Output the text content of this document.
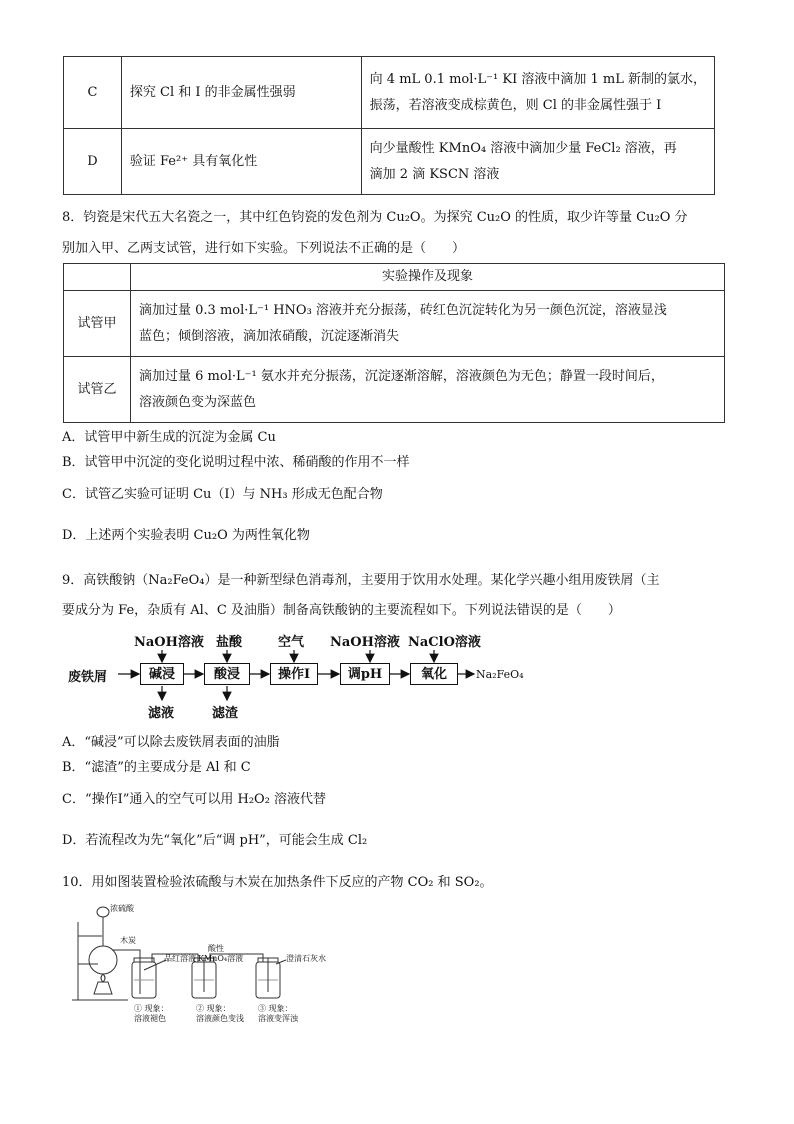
C	探究 Cl 和 I 的非金属性强弱	向 4 mL 0.1 mol·L⁻¹ KI 溶液中滴加 1 mL 新制的氯水，
振荡，若溶液变成棕黄色，则 Cl 的非金属性强于 I

D	验证 Fe²⁺ 具有氧化性	向少量酸性 KMnO₄ 溶液中滴加少量 FeCl₂ 溶液，再
滴加 2 滴 KSCN 溶液
8．钧瓷是宋代五大名瓷之一，其中红色钧瓷的发色剂为 Cu₂O。为探究 Cu₂O 的性质，取少许等量 Cu₂O 分
别加入甲、乙两支试管，进行如下实验。下列说法不正确的是（　　）
	实验操作及现象
试管甲	滴加过量 0.3 mol·L⁻¹ HNO₃ 溶液并充分振荡，砖红色沉淀转化为另一颜色沉淀，溶液显浅
蓝色；倾倒溶液，滴加浓硝酸，沉淀逐渐消失

试管乙	滴加过量 6 mol·L⁻¹ 氨水并充分振荡，沉淀逐渐溶解，溶液颜色为无色；静置一段时间后，
溶液颜色变为深蓝色
A．试管甲中新生成的沉淀为金属 Cu
B．试管甲中沉淀的变化说明过程中浓、稀硝酸的作用不一样
C．试管乙实验可证明 Cu（Ⅰ）与 NH₃ 形成无色配合物
D．上述两个实验表明 Cu₂O 为两性氧化物
9．高铁酸钠（Na₂FeO₄）是一种新型绿色消毒剂，主要用于饮用水处理。某化学兴趣小组用废铁屑（主
要成分为 Fe，杂质有 Al、C 及油脂）制备高铁酸钠的主要流程如下。下列说法错误的是（　　）
废铁屑
NaOH溶液 盐酸	空气 NaOH溶液 NaClO溶液
碱浸	酸浸	操作Ⅰ	调pH	氧化
滤液	滤渣
Na₂FeO₄
A．“碱浸”可以除去废铁屑表面的油脂
B．“滤渣”的主要成分是 Al 和 C
C．“操作Ⅰ”通入的空气可以用 H₂O₂ 溶液代替
D．若流程改为先“氧化”后“调 pH”，可能会生成 Cl₂
10．用如图装置检验浓硫酸与木炭在加热条件下反应的产物 CO₂ 和 SO₂。
浓硫酸
木炭
品红溶液
酸性
KMnO₄溶液	澄清石灰水
① 现象：
溶液褪色
② 现象：
溶液颜色变浅
③ 现象：
溶液变浑浊
